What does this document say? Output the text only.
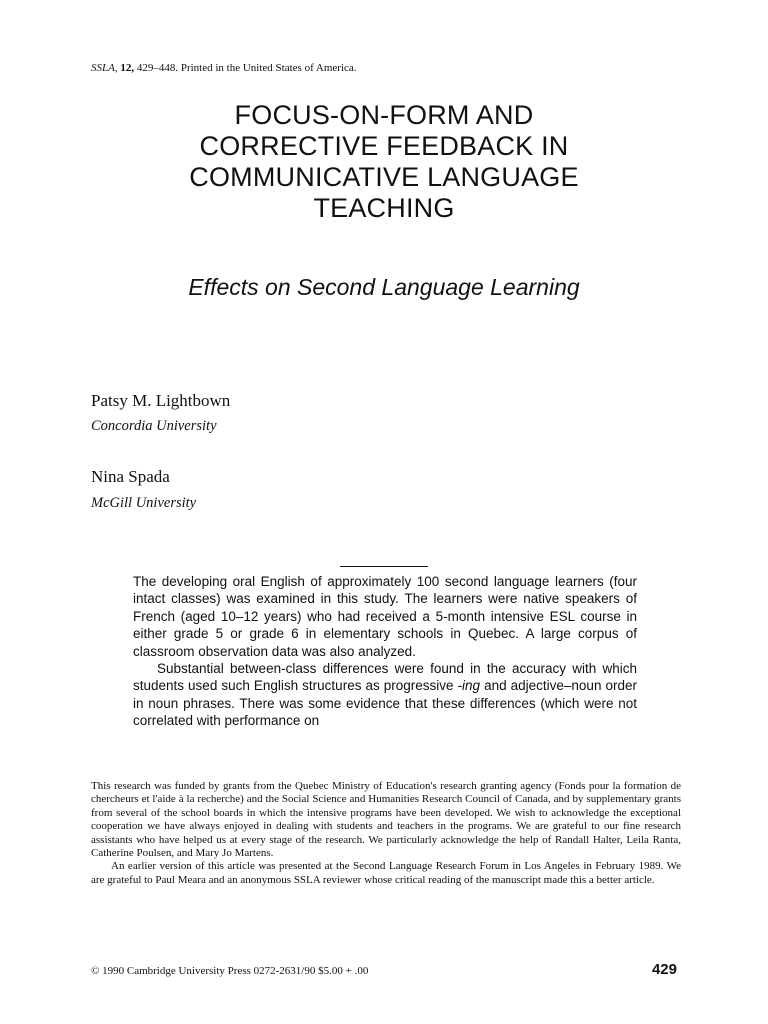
SSLA, 12, 429–448. Printed in the United States of America.
FOCUS-ON-FORM AND
CORRECTIVE FEEDBACK IN
COMMUNICATIVE LANGUAGE
TEACHING
Effects on Second Language Learning
Patsy M. Lightbown
Concordia University
Nina Spada
McGill University

The developing oral English of approximately 100 second language learners (four intact classes) was examined in this study. The learners were native speakers of French (aged 10–12 years) who had received a 5-month intensive ESL course in either grade 5 or grade 6 in elementary schools in Quebec. A large corpus of classroom observation data was also analyzed.

Substantial between-class differences were found in the accuracy with which students used such English structures as progressive -ing and adjective–noun order in noun phrases. There was some evidence that these differences (which were not correlated with performance on

This research was funded by grants from the Quebec Ministry of Education's research granting agency (Fonds pour la formation de chercheurs et l'aide à la recherche) and the Social Science and Humanities Research Council of Canada, and by supplementary grants from several of the school boards in which the intensive programs have been developed. We wish to acknowledge the exceptional cooperation we have always enjoyed in dealing with students and teachers in the programs. We are grateful to our fine research assistants who have helped us at every stage of the research. We particularly acknowledge the help of Randall Halter, Leila Ranta, Catherine Poulsen, and Mary Jo Martens.

An earlier version of this article was presented at the Second Language Research Forum in Los Angeles in February 1989. We are grateful to Paul Meara and an anonymous SSLA reviewer whose critical reading of the manuscript made this a better article.

© 1990 Cambridge University Press 0272-2631/90 $5.00 + .00	429
